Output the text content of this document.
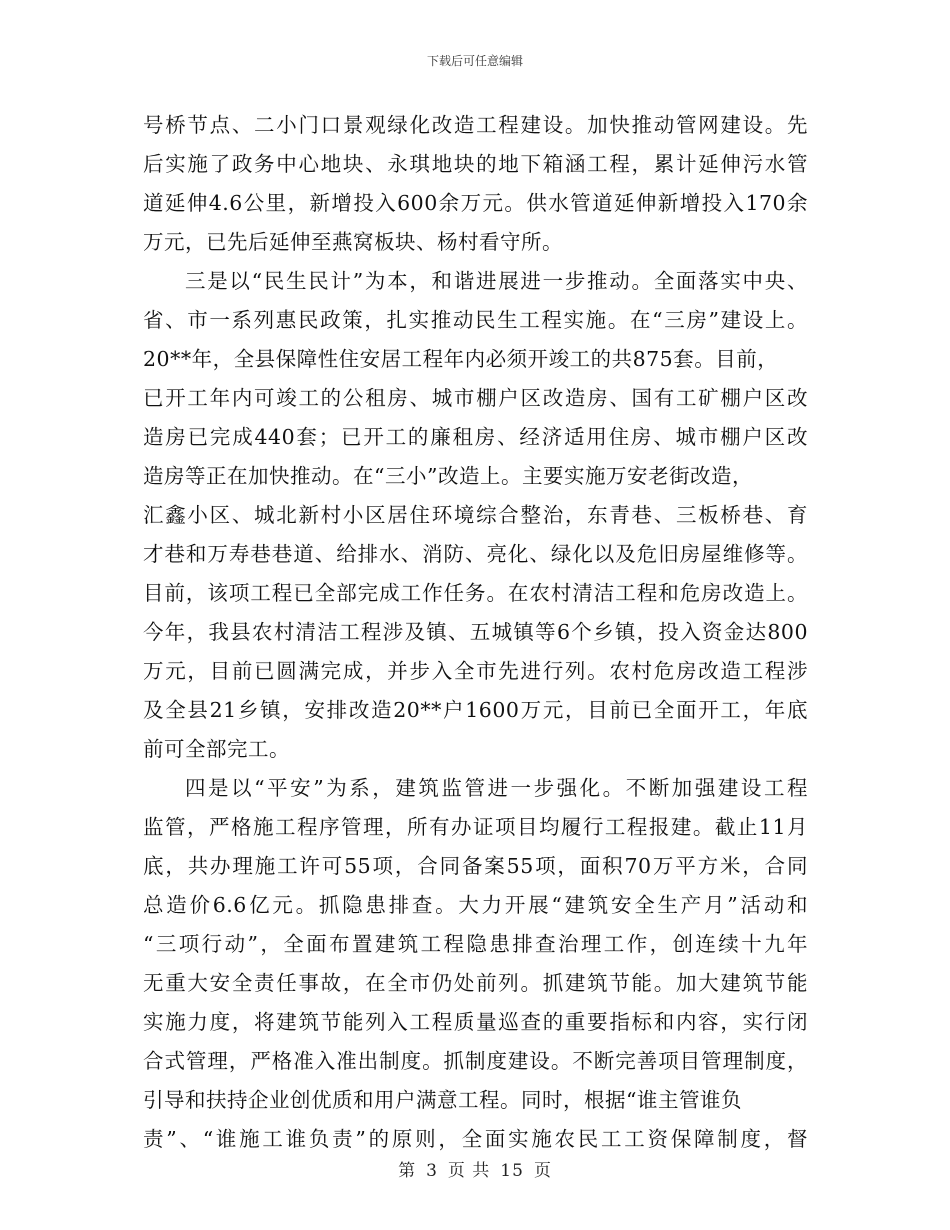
下载后可任意编辑
号桥节点、二小门口景观绿化改造工程建设。加快推动管网建设。先
后实施了政务中心地块、永琪地块的地下箱涵工程，累计延伸污水管
道延伸4.6公里，新增投入600余万元。供水管道延伸新增投入170余
万元，已先后延伸至燕窝板块、杨村看守所。
三是以“民生民计”为本，和谐进展进一步推动。全面落实中央、
省、市一系列惠民政策，扎实推动民生工程实施。在“三房”建设上。
20**年，全县保障性住安居工程年内必须开竣工的共875套。目前，
已开工年内可竣工的公租房、城市棚户区改造房、国有工矿棚户区改
造房已完成440套；已开工的廉租房、经济适用住房、城市棚户区改
造房等正在加快推动。在“三小”改造上。主要实施万安老街改造，
汇鑫小区、城北新村小区居住环境综合整治，东青巷、三板桥巷、育
才巷和万寿巷巷道、给排水、消防、亮化、绿化以及危旧房屋维修等。
目前，该项工程已全部完成工作任务。在农村清洁工程和危房改造上。
今年，我县农村清洁工程涉及镇、五城镇等6个乡镇，投入资金达800
万元，目前已圆满完成，并步入全市先进行列。农村危房改造工程涉
及全县21乡镇，安排改造20**户1600万元，目前已全面开工，年底
前可全部完工。
四是以“平安”为系，建筑监管进一步强化。不断加强建设工程
监管，严格施工程序管理，所有办证项目均履行工程报建。截止11月
底，共办理施工许可55项，合同备案55项，面积70万平方米，合同
总造价6.6亿元。抓隐患排查。大力开展“建筑安全生产月”活动和
“三项行动”，全面布置建筑工程隐患排查治理工作，创连续十九年
无重大安全责任事故，在全市仍处前列。抓建筑节能。加大建筑节能
实施力度，将建筑节能列入工程质量巡查的重要指标和内容，实行闭
合式管理，严格准入准出制度。抓制度建设。不断完善项目管理制度，
引导和扶持企业创优质和用户满意工程。同时，根据“谁主管谁负
责”、“谁施工谁负责”的原则，全面实施农民工工资保障制度，督
第 3 页 共 15 页
